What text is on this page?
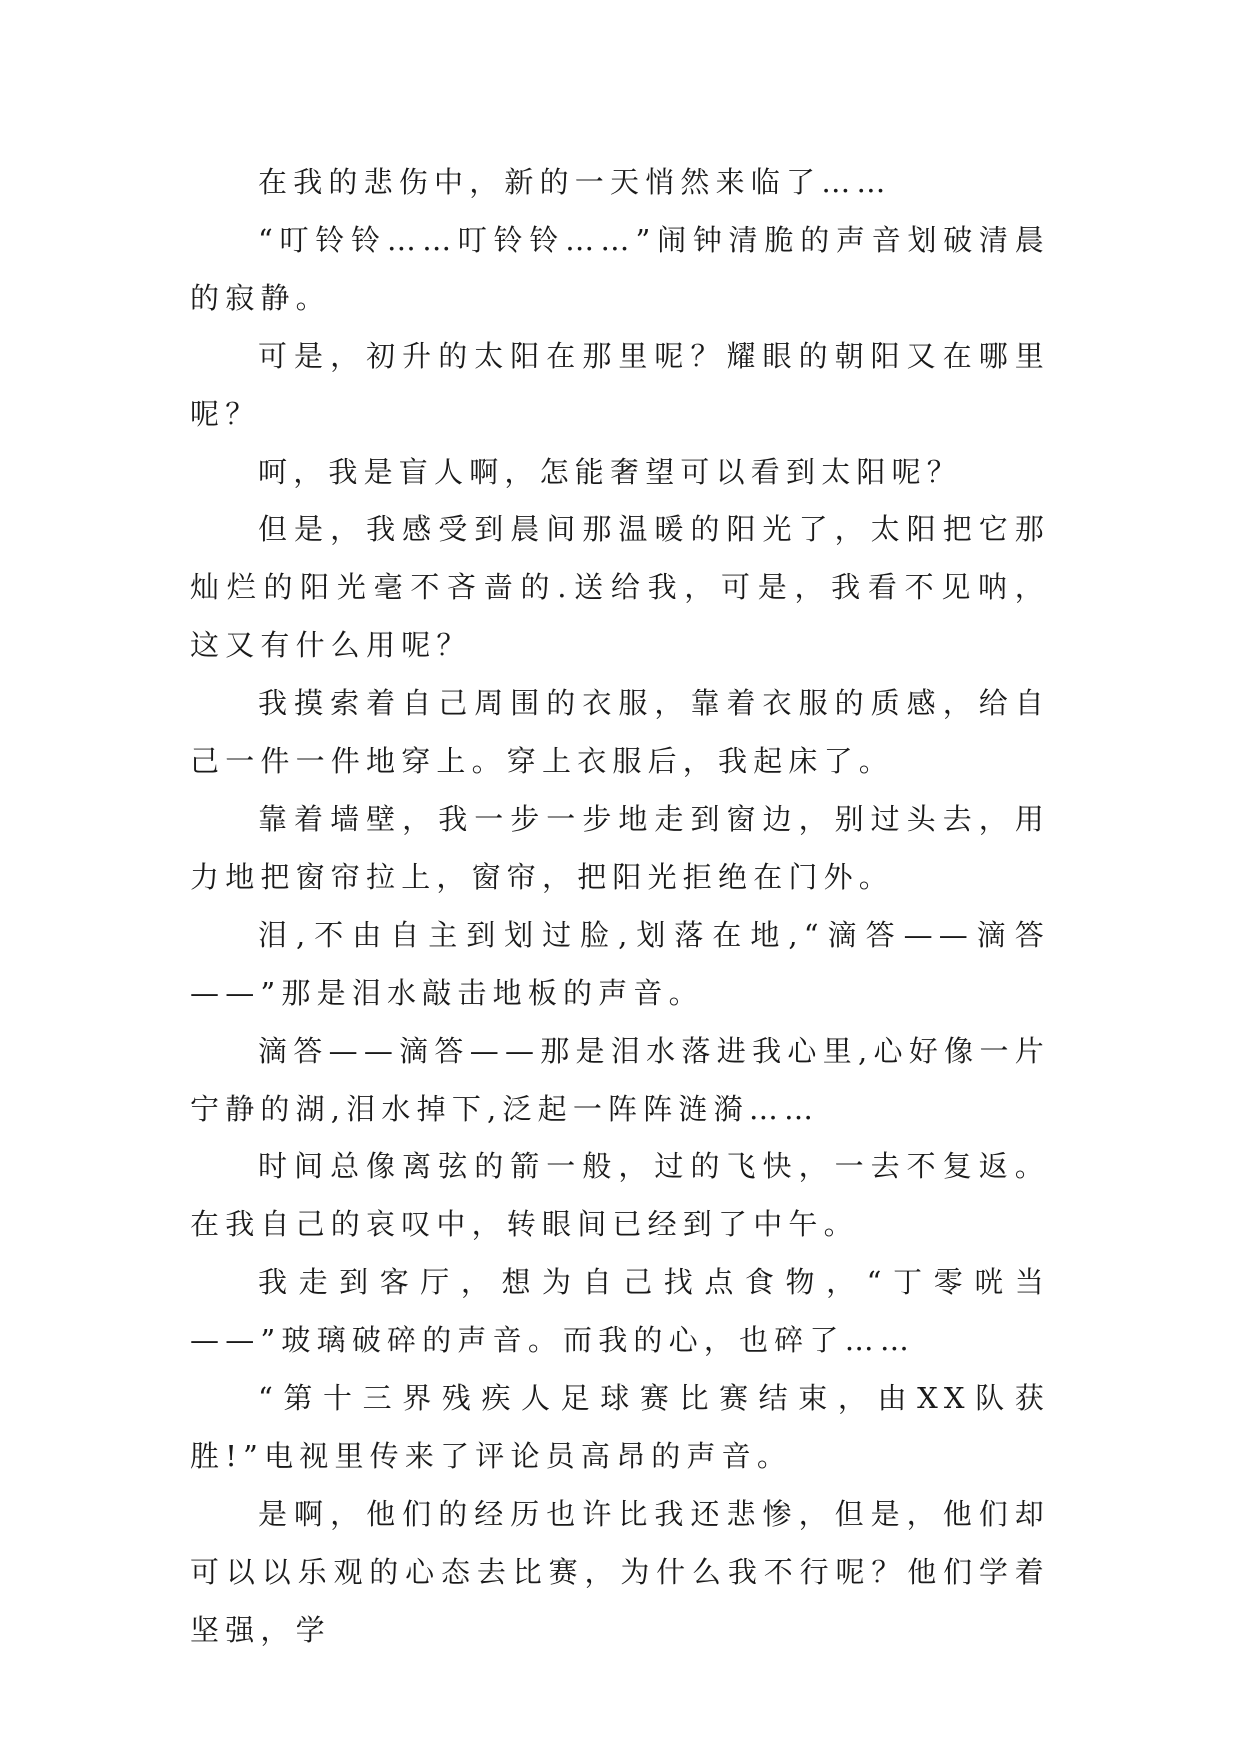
在我的悲伤中，新的一天悄然来临了……

“叮铃铃……叮铃铃……”闹钟清脆的声音划破清晨的寂静。

可是，初升的太阳在那里呢？耀眼的朝阳又在哪里呢？

呵，我是盲人啊，怎能奢望可以看到太阳呢？

但是，我感受到晨间那温暖的阳光了，太阳把它那灿烂的阳光毫不吝啬的.送给我，可是，我看不见呐，这又有什么用呢？

我摸索着自己周围的衣服，靠着衣服的质感，给自己一件一件地穿上。穿上衣服后，我起床了。

靠着墙壁，我一步一步地走到窗边，别过头去，用力地把窗帘拉上，窗帘，把阳光拒绝在门外。

泪,不由自主到划过脸,划落在地,“滴答——滴答——”那是泪水敲击地板的声音。

滴答——滴答——那是泪水落进我心里,心好像一片宁静的湖,泪水掉下,泛起一阵阵涟漪……

时间总像离弦的箭一般，过的飞快，一去不复返。在我自己的哀叹中，转眼间已经到了中午。

我走到客厅，想为自己找点食物，“丁零咣当——”玻璃破碎的声音。而我的心，也碎了……

“第十三界残疾人足球赛比赛结束，由XX队获胜!”电视里传来了评论员高昂的声音。

是啊，他们的经历也许比我还悲惨，但是，他们却可以以乐观的心态去比赛，为什么我不行呢？他们学着坚强，学
